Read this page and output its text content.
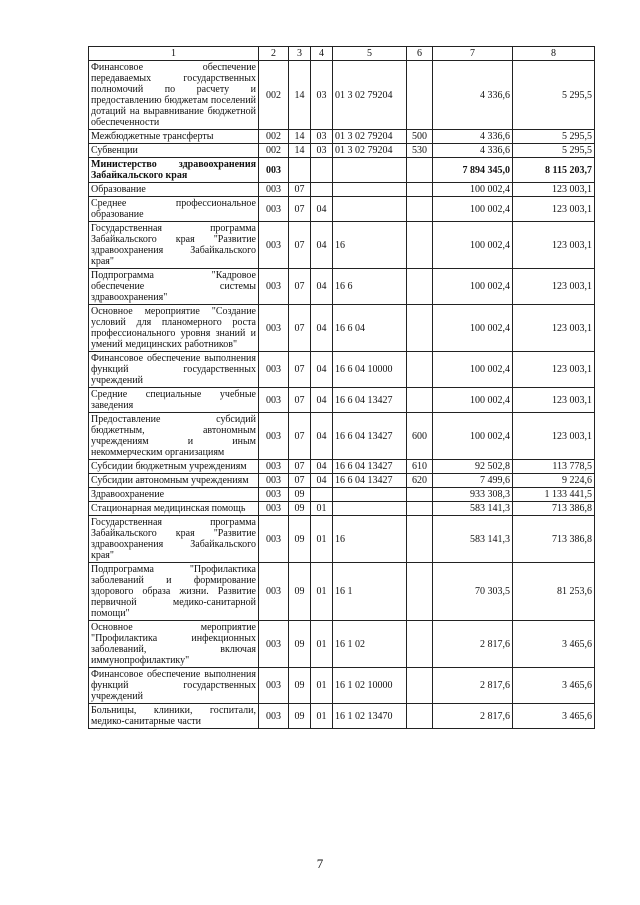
1	2	3	4	5	6	7	8
Финансовое обеспечение передаваемых государственных полномочий по расчету и предоставлению бюджетам поселений дотаций на выравнивание бюджетной обеспеченности	002	14	03	01 3 02 79204		4 336,6	5 295,5
Межбюджетные трансферты	002	14	03	01 3 02 79204	500	4 336,6	5 295,5
Субвенции	002	14	03	01 3 02 79204	530	4 336,6	5 295,5
Министерство здравоохранения Забайкальского края	003					7 894 345,0	8 115 203,7
Образование	003	07				100 002,4	123 003,1
Среднее профессиональное образование	003	07	04			100 002,4	123 003,1
Государственная программа Забайкальского края "Развитие здравоохранения Забайкальского края"	003	07	04	16		100 002,4	123 003,1
Подпрограмма "Кадровое обеспечение системы здравоохранения"	003	07	04	16 6		100 002,4	123 003,1
Основное мероприятие "Создание условий для планомерного роста профессионального уровня знаний и умений медицинских работников"	003	07	04	16 6 04		100 002,4	123 003,1
Финансовое обеспечение выполнения функций государственных учреждений	003	07	04	16 6 04 10000		100 002,4	123 003,1
Средние специальные учебные заведения	003	07	04	16 6 04 13427		100 002,4	123 003,1
Предоставление субсидий бюджетным, автономным учреждениям и иным некоммерческим организациям	003	07	04	16 6 04 13427	600	100 002,4	123 003,1
Субсидии бюджетным учреждениям	003	07	04	16 6 04 13427	610	92 502,8	113 778,5
Субсидии автономным учреждениям	003	07	04	16 6 04 13427	620	7 499,6	9 224,6
Здравоохранение	003	09				933 308,3	1 133 441,5
Стационарная медицинская помощь	003	09	01			583 141,3	713 386,8
Государственная программа Забайкальского края "Развитие здравоохранения Забайкальского края"	003	09	01	16		583 141,3	713 386,8
Подпрограмма "Профилактика заболеваний и формирование здорового образа жизни. Развитие первичной медико-санитарной помощи"	003	09	01	16 1		70 303,5	81 253,6
Основное мероприятие "Профилактика инфекционных заболеваний, включая иммунопрофилактику"	003	09	01	16 1 02		2 817,6	3 465,6
Финансовое обеспечение выполнения функций государственных учреждений	003	09	01	16 1 02 10000		2 817,6	3 465,6
Больницы, клиники, госпитали, медико-санитарные части	003	09	01	16 1 02 13470		2 817,6	3 465,6
7
